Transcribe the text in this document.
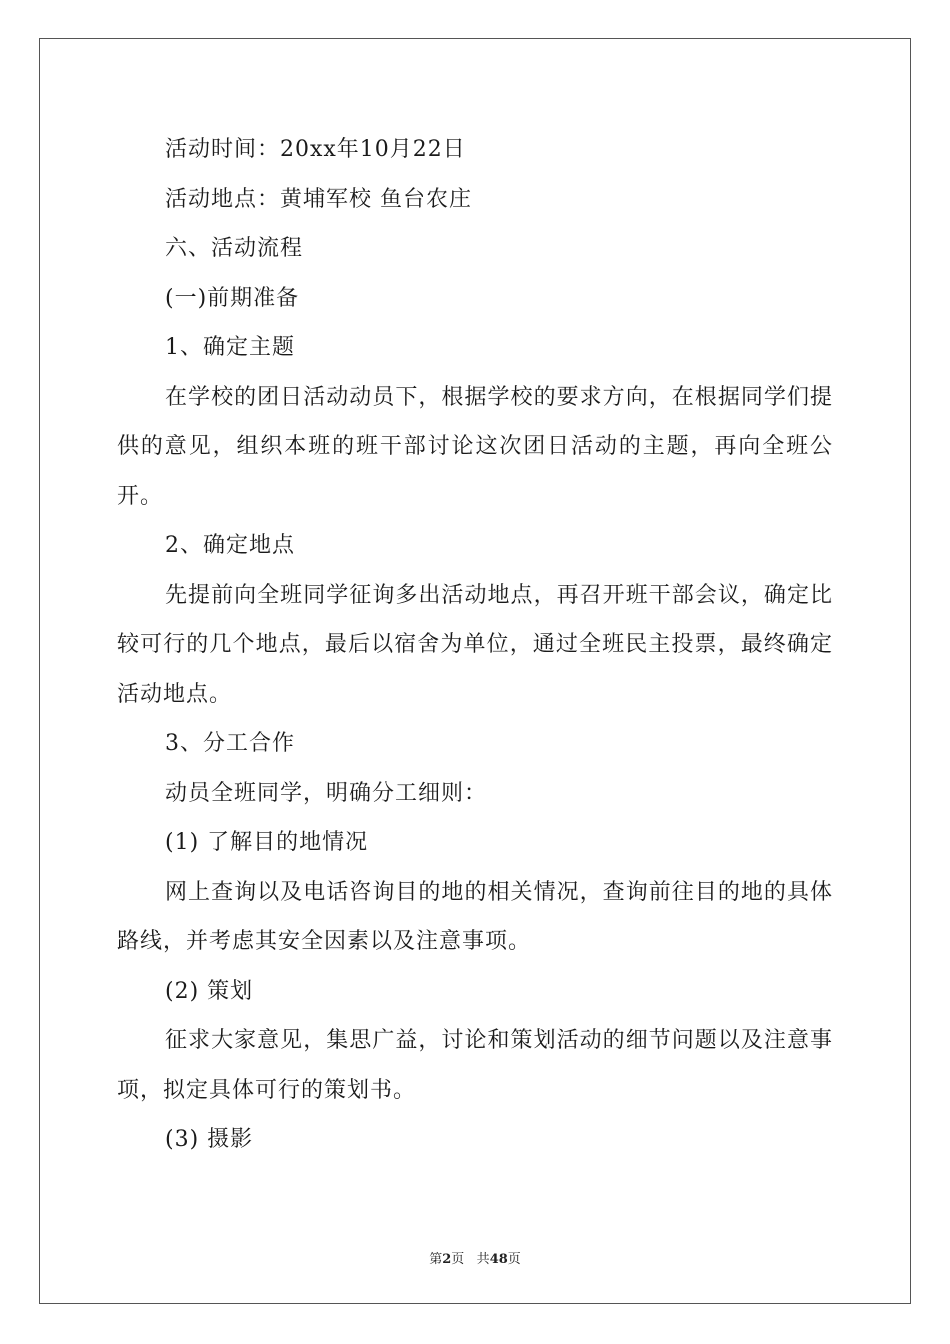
活动时间：20xx年10月22日

活动地点：黄埔军校 鱼台农庄

六、活动流程

(一)前期准备

1、确定主题

在学校的团日活动动员下，根据学校的要求方向，在根据同学们提供的意见，组织本班的班干部讨论这次团日活动的主题，再向全班公开。

2、确定地点

先提前向全班同学征询多出活动地点，再召开班干部会议，确定比较可行的几个地点，最后以宿舍为单位，通过全班民主投票，最终确定活动地点。

3、分工合作

动员全班同学，明确分工细则：

(1) 了解目的地情况

网上查询以及电话咨询目的地的相关情况，查询前往目的地的具体路线，并考虑其安全因素以及注意事项。

(2) 策划

征求大家意见，集思广益，讨论和策划活动的细节问题以及注意事项，拟定具体可行的策划书。

(3) 摄影

第2页 共48页
